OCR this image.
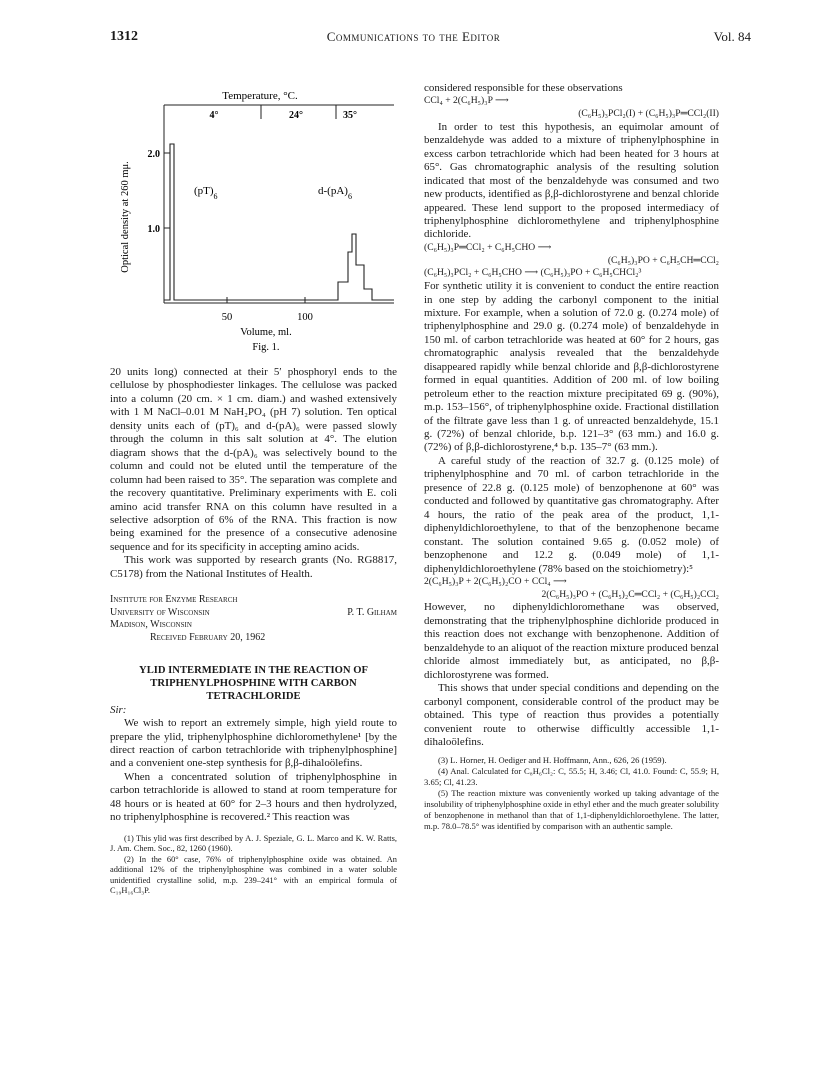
1312	Communications to the Editor	Vol. 84
Temperature, °C.
4°	24°	35°
Optical density at 260 mμ.
2.0
1.0
50	100
Volume, ml.
Fig. 1.
$(pT)_6$	$d-(pA)_6$

20 units long) connected at their 5′ phosphoryl ends to the cellulose by phosphodiester linkages. The cellulose was packed into a column (20 cm. × 1 cm. diam.) and washed extensively with 1 M NaCl–0.01 M NaH₂PO₄ (pH 7) solution. Ten optical density units each of (pT)₆ and d-(pA)₆ were passed slowly through the column in this salt solution at 4°. The elution diagram shows that the d-(pA)₆ was selectively bound to the column and could not be eluted until the temperature of the column had been raised to 35°. The separation was complete and the recovery quantitative. Preliminary experiments with E. coli amino acid transfer RNA on this column have resulted in a selective adsorption of 6% of the RNA. This fraction is now being examined for the presence of a consecutive adenosine sequence and for its specificity in accepting amino acids.

This work was supported by research grants (No. RG8817, C5178) from the National Institutes of Health.

Institute for Enzyme Research
University of Wisconsin	P. T. Gilham
Madison, Wisconsin
Received February 20, 1962

YLID INTERMEDIATE IN THE REACTION OF TRIPHENYLPHOSPHINE WITH CARBON TETRACHLORIDE

Sir:

We wish to report an extremely simple, high yield route to prepare the ylid, triphenylphosphine dichloromethylene¹ [by the direct reaction of carbon tetrachloride with triphenylphosphine] and a convenient one-step synthesis for β,β-dihaloölefins.

When a concentrated solution of triphenylphosphine in carbon tetrachloride is allowed to stand at room temperature for 48 hours or is heated at 60° for 2–3 hours and then hydrolyzed, no triphenylphosphine is recovered.² This reaction was

(1) This ylid was first described by A. J. Speziale, G. L. Marco and K. W. Ratts, J. Am. Chem. Soc., 82, 1260 (1960).

(2) In the 60° case, 76% of triphenylphosphine oxide was obtained. An additional 12% of the triphenylphosphine was combined in a water soluble unidentified crystalline solid, m.p. 239–241° with an empirical formula of C₁₉H₁₆Cl₃P.

considered responsible for these observations

CCl₄ + 2(C₆H₅)₃P ⟶

(C₆H₅)₃PCl₂(I) + (C₆H₅)₃P═CCl₂(II)

In order to test this hypothesis, an equimolar amount of benzaldehyde was added to a mixture of triphenylphosphine in excess carbon tetrachloride which had been heated for 3 hours at 65°. Gas chromatographic analysis of the resulting solution indicated that most of the benzaldehyde was consumed and two new products, identified as β,β-dichlorostyrene and benzal chloride appeared. These lend support to the proposed intermediacy of triphenylphosphine dichloromethylene and triphenylphosphine dichloride.

(C₆H₅)₃P═CCl₂ + C₆H₅CHO ⟶

(C₆H₅)₃PO + C₆H₅CH═CCl₂

(C₆H₅)₃PCl₂ + C₆H₅CHO ⟶ (C₆H₅)₃PO + C₆H₅CHCl₂³

For synthetic utility it is convenient to conduct the entire reaction in one step by adding the carbonyl component to the initial mixture. For example, when a solution of 72.0 g. (0.274 mole) of triphenylphosphine and 29.0 g. (0.274 mole) of benzaldehyde in 150 ml. of carbon tetrachloride was heated at 60° for 2 hours, gas chromatographic analysis revealed that the benzaldehyde disappeared rapidly while benzal chloride and β,β-dichlorostyrene formed in equal quantities. Addition of 200 ml. of low boiling petroleum ether to the reaction mixture precipitated 69 g. (90%), m.p. 153–156°, of triphenylphosphine oxide. Fractional distillation of the filtrate gave less than 1 g. of unreacted benzaldehyde, 15.1 g. (72%) of benzal chloride, b.p. 121–3° (63 mm.) and 16.0 g. (72%) of β,β-dichlorostyrene,⁴ b.p. 135–7° (63 mm.).

A careful study of the reaction of 32.7 g. (0.125 mole) of triphenylphosphine and 70 ml. of carbon tetrachloride in the presence of 22.8 g. (0.125 mole) of benzophenone at 60° was conducted and followed by quantitative gas chromatography. After 4 hours, the ratio of the peak area of the product, 1,1-diphenyldichloroethylene, to that of the benzophenone became constant. The solution contained 9.65 g. (0.052 mole) of benzophenone and 12.2 g. (0.049 mole) of 1,1-diphenyldichloroethylene (78% based on the stoichiometry):⁵

2(C₆H₅)₃P + 2(C₆H₅)₂CO + CCl₄ ⟶

2(C₆H₅)₃PO + (C₆H₅)₂C═CCl₂ + (C₆H₅)₂CCl₂

However, no diphenyldichloromethane was observed, demonstrating that the triphenylphosphine dichloride produced in this reaction does not exchange with benzophenone. Addition of benzaldehyde to an aliquot of the reaction mixture produced benzal chloride almost immediately but, as anticipated, no β,β-dichlorostyrene was formed.

This shows that under special conditions and depending on the carbonyl component, considerable control of the product may be obtained. This type of reaction thus provides a potentially convenient route to otherwise difficultly accessible 1,1-dihaloölefins.

(3) L. Horner, H. Oediger and H. Hoffmann, Ann., 626, 26 (1959).

(4) Anal. Calculated for C₈H₆Cl₂: C, 55.5; H, 3.46; Cl, 41.0. Found: C, 55.9; H, 3.65; Cl, 41.23.

(5) The reaction mixture was conveniently worked up taking advantage of the insolubility of triphenylphosphine oxide in ethyl ether and the much greater solubility of benzophenone in methanol than that of 1,1-diphenyldichloroethylene. The latter, m.p. 78.0–78.5° was identified by comparison with an authentic sample.
